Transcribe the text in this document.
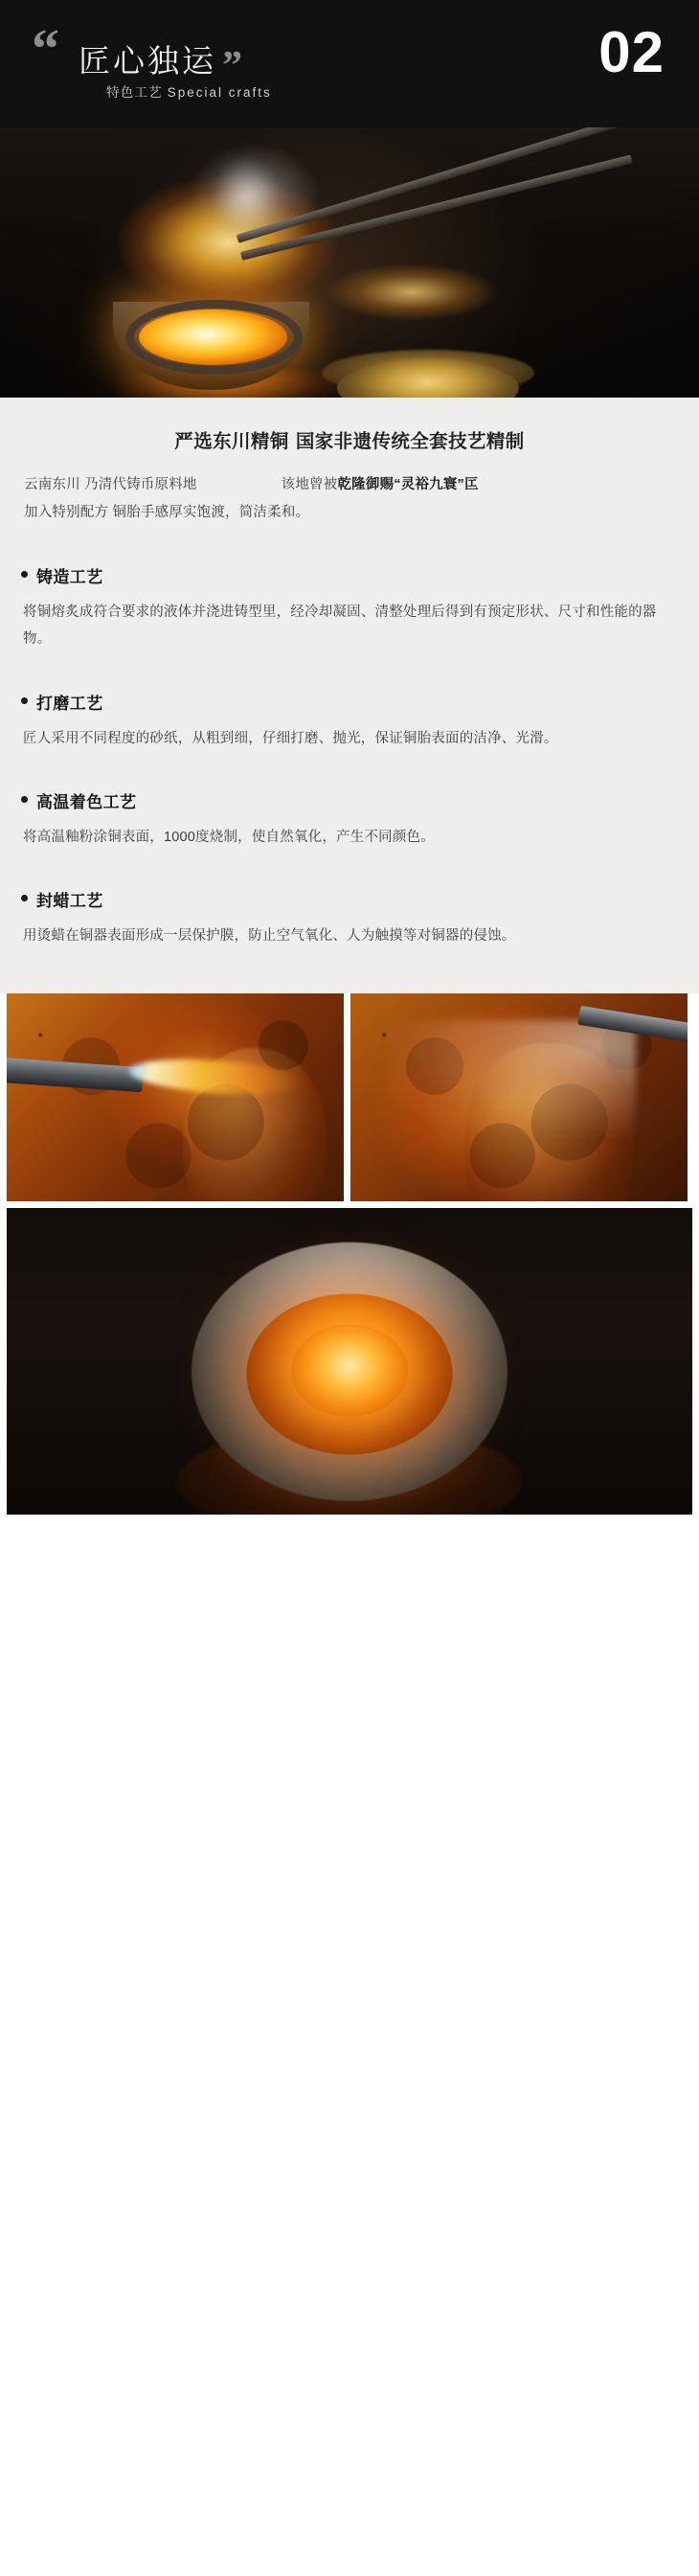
“ 匠心独运 ”
特色工艺 Special crafts
02
严选东川精铜 国家非遗传统全套技艺精制

云南东川 乃清代铸币原料地	该地曾被乾隆御赐“灵裕九寰”匞
加入特别配方 铜胎手感厚实饱渡，简洁柔和。

铸造工艺
将铜熔炙成符合要求的液体并浇进铸型里，经冷却凝固、清整处理后得到有预定形状、尺寸和性能的器物。
打磨工艺
匠人采用不同程度的砂纸，从粗到细，仔细打磨、抛光，保证铜胎表面的洁净、光滑。
高温着色工艺
将高温釉粉涂铜表面，1000度烧制，使自然氧化，产生不同颜色。
封蜡工艺
用烫蜡在铜器表面形成一层保护膜，防止空气氧化、人为触摸等对铜器的侵蚀。
